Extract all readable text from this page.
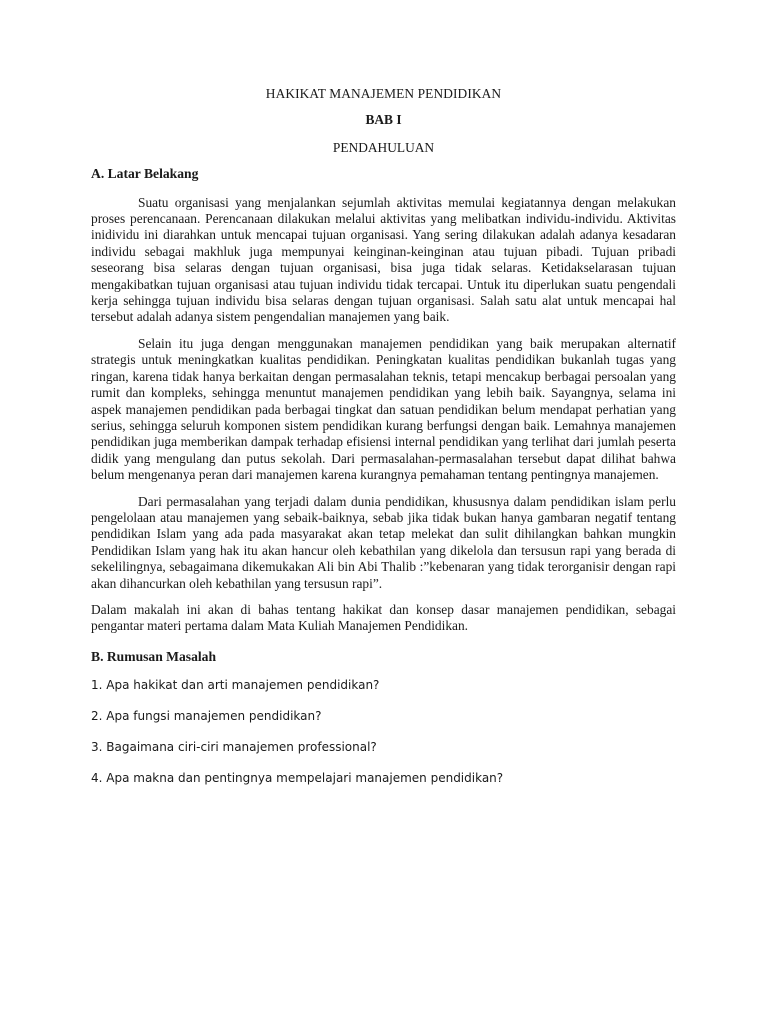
HAKIKAT MANAJEMEN PENDIDIKAN
BAB I
PENDAHULUAN
A. Latar Belakang

Suatu organisasi yang menjalankan sejumlah aktivitas memulai kegiatannya dengan melakukan proses perencanaan. Perencanaan dilakukan melalui aktivitas yang melibatkan individu-individu. Aktivitas inidividu ini diarahkan untuk mencapai tujuan organisasi. Yang sering dilakukan adalah adanya kesadaran individu sebagai makhluk juga mempunyai keinginan-keinginan atau tujuan pibadi. Tujuan pribadi seseorang bisa selaras dengan tujuan organisasi, bisa juga tidak selaras. Ketidakselarasan tujuan mengakibatkan tujuan organisasi atau tujuan individu tidak tercapai. Untuk itu diperlukan suatu pengendali kerja sehingga tujuan individu bisa selaras dengan tujuan organisasi. Salah satu alat untuk mencapai hal tersebut adalah adanya sistem pengendalian manajemen yang baik.

Selain itu juga dengan menggunakan manajemen pendidikan yang baik merupakan alternatif strategis untuk meningkatkan kualitas pendidikan. Peningkatan kualitas pendidikan bukanlah tugas yang ringan, karena tidak hanya berkaitan dengan permasalahan teknis, tetapi mencakup berbagai persoalan yang rumit dan kompleks, sehingga menuntut manajemen pendidikan yang lebih baik. Sayangnya, selama ini aspek manajemen pendidikan pada berbagai tingkat dan satuan pendidikan belum mendapat perhatian yang serius, sehingga seluruh komponen sistem pendidikan kurang berfungsi dengan baik. Lemahnya manajemen pendidikan juga memberikan dampak terhadap efisiensi internal pendidikan yang terlihat dari jumlah peserta didik yang mengulang dan putus sekolah. Dari permasalahan-permasalahan tersebut dapat dilihat bahwa belum mengenanya peran dari manajemen karena kurangnya pemahaman tentang pentingnya manajemen.

Dari permasalahan yang terjadi dalam dunia pendidikan, khususnya dalam pendidikan islam perlu pengelolaan atau manajemen yang sebaik-baiknya, sebab jika tidak bukan hanya gambaran negatif tentang pendidikan Islam yang ada pada masyarakat akan tetap melekat dan sulit dihilangkan bahkan mungkin Pendidikan Islam yang hak itu akan hancur oleh kebathilan yang dikelola dan tersusun rapi yang berada di sekelilingnya, sebagaimana dikemukakan Ali bin Abi Thalib :”kebenaran yang tidak terorganisir dengan rapi akan dihancurkan oleh kebathilan yang tersusun rapi”.

Dalam makalah ini akan di bahas tentang hakikat dan konsep dasar manajemen pendidikan, sebagai pengantar materi pertama dalam Mata Kuliah Manajemen Pendidikan.

B. Rumusan Masalah
1. Apa hakikat dan arti manajemen pendidikan?
2. Apa fungsi manajemen pendidikan?
3. Bagaimana ciri-ciri manajemen professional?
4. Apa makna dan pentingnya mempelajari manajemen pendidikan?
